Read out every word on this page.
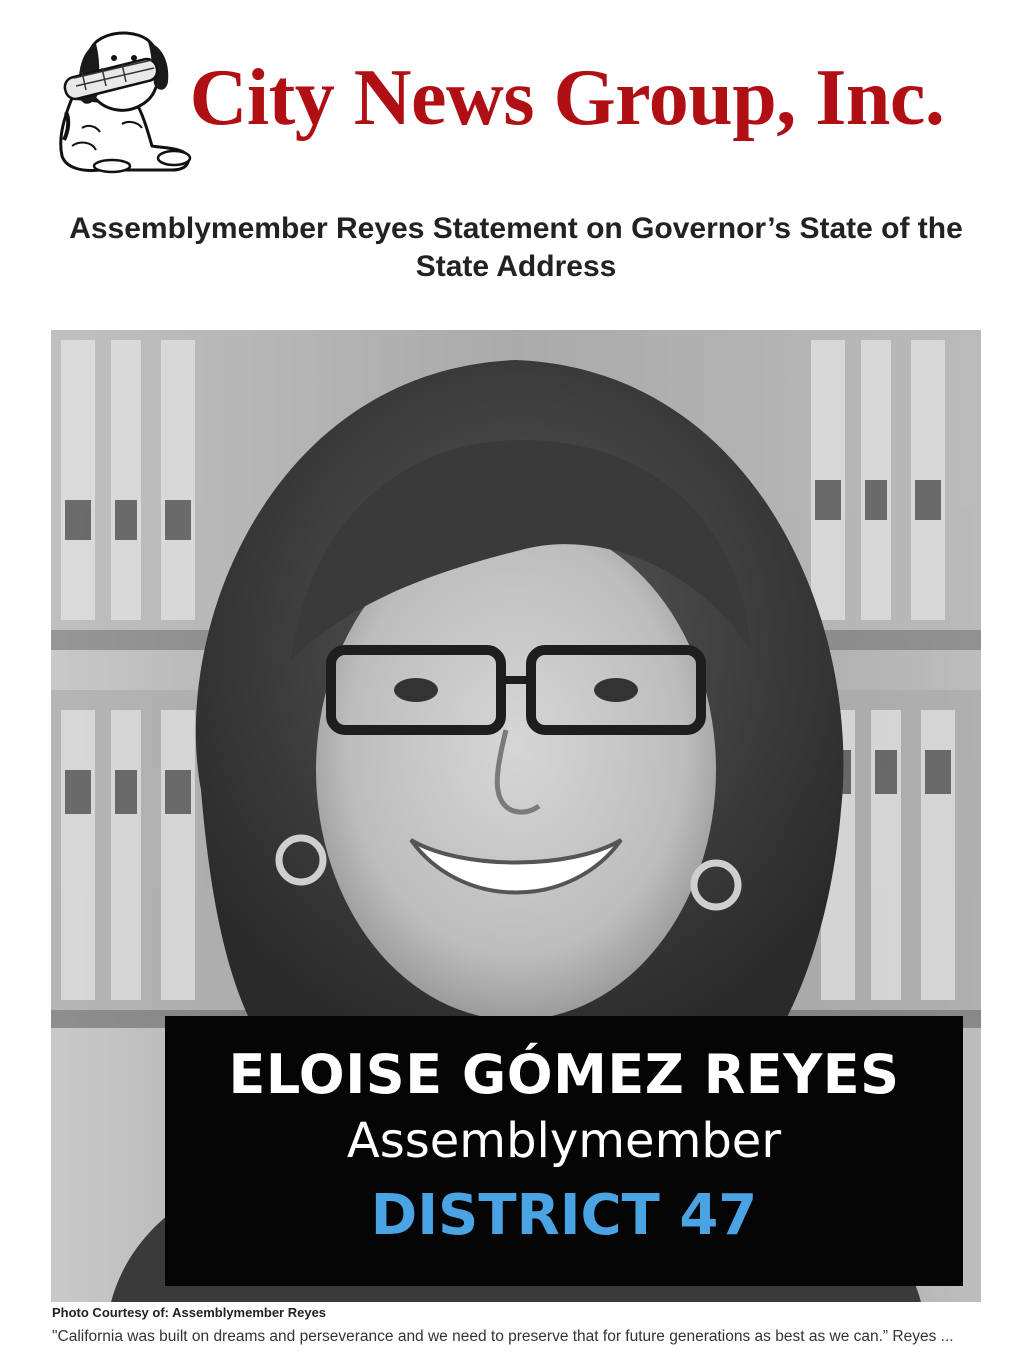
City News Group, Inc.
Assemblymember Reyes Statement on Governor’s State of the State Address
ELOISE GÓMEZ REYES
Assemblymember
DISTRICT 47
Photo Courtesy of: Assemblymember Reyes
"California was built on dreams and perseverance and we need to preserve that for future generations as best as we can.” Reyes ...
